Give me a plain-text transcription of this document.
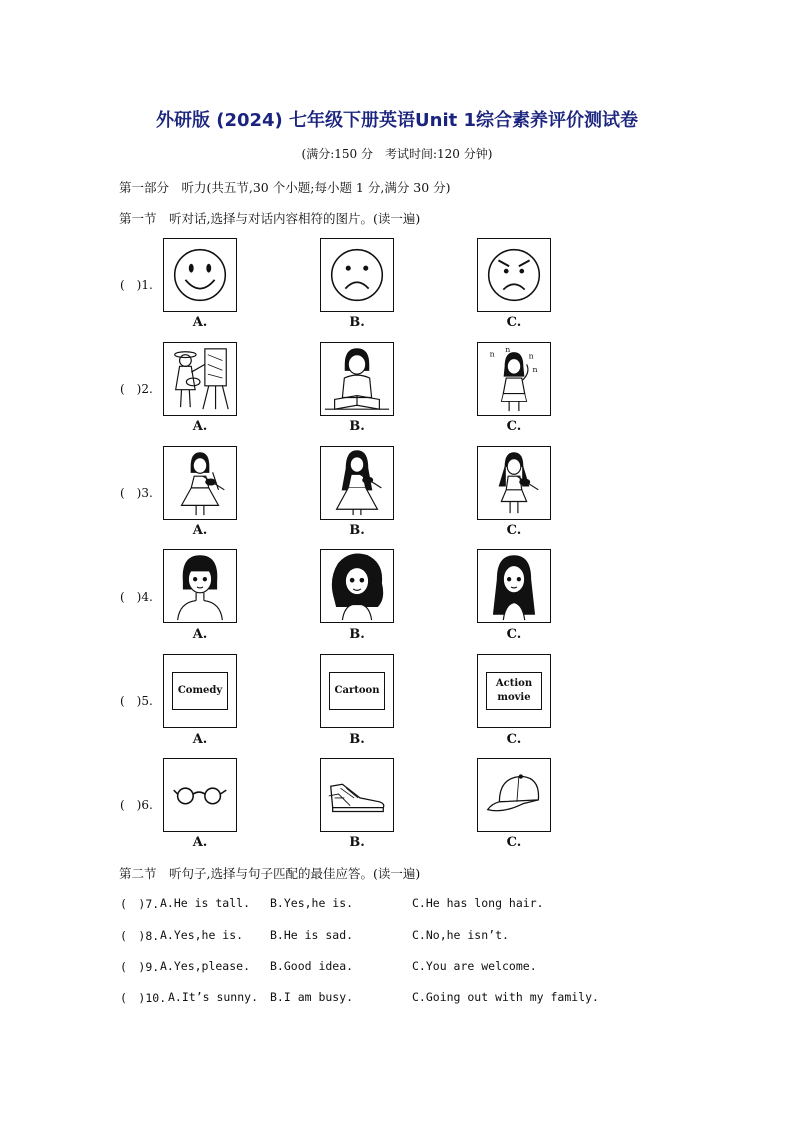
外研版 (2024) 七年级下册英语Unit 1综合素养评价测试卷
(满分:150 分　考试时间:120 分钟)
第一部分　听力(共五节,30 个小题;每小题 1 分,满分 30 分)
第一节　听对话,选择与对话内容相符的图片。(读一遍)
(　)1.
A.	B.	C.
(　)2.
n
n
n
n
A.	B.	C.
(　)3.
A.	B.	C.
(　)4.
A.	B.	C.
(　)5.
Comedy	Cartoon
Action
movie
A.	B.	C.
(　)6.
A.	B.	C.
第二节　听句子,选择与句子匹配的最佳应答。(读一遍)
(　)7. A.He is tall. B.Yes,he is.	C.He has long hair.
(　)8. A.Yes,he is. B.He is sad.	C.No,he isn’t.
(　)9. A.Yes,please. B.Good idea.	C.You are welcome.
(　)10. A.It’s sunny. B.I am busy.	C.Going out with my family.
